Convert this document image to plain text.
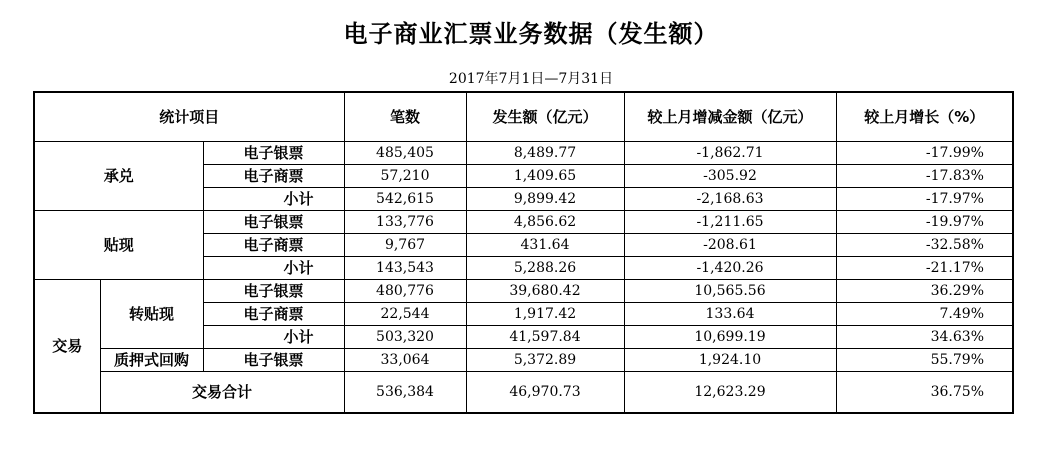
电子商业汇票业务数据（发生额）
2017年7月1日—7月31日
统计项目			笔数	发生额（亿元）	较上月增减金额（亿元）	较上月增长（%）
承兑		电子银票	485,405	8,489.77	-1,862.71	-17.99%
		电子商票	57,210	1,409.65	-305.92	-17.83%
		小计	542,615	9,899.42	-2,168.63	-17.97%
贴现		电子银票	133,776	4,856.62	-1,211.65	-19.97%
		电子商票	9,767	431.64	-208.61	-32.58%
		小计	143,543	5,288.26	-1,420.26	-21.17%
交易	转贴现	电子银票	480,776	39,680.42	10,565.56	36.29%
		电子商票	22,544	1,917.42	133.64	7.49%
		小计	503,320	41,597.84	10,699.19	34.63%
	质押式回购	电子银票	33,064	5,372.89	1,924.10	55.79%
	交易合计		536,384	46,970.73	12,623.29	36.75%
